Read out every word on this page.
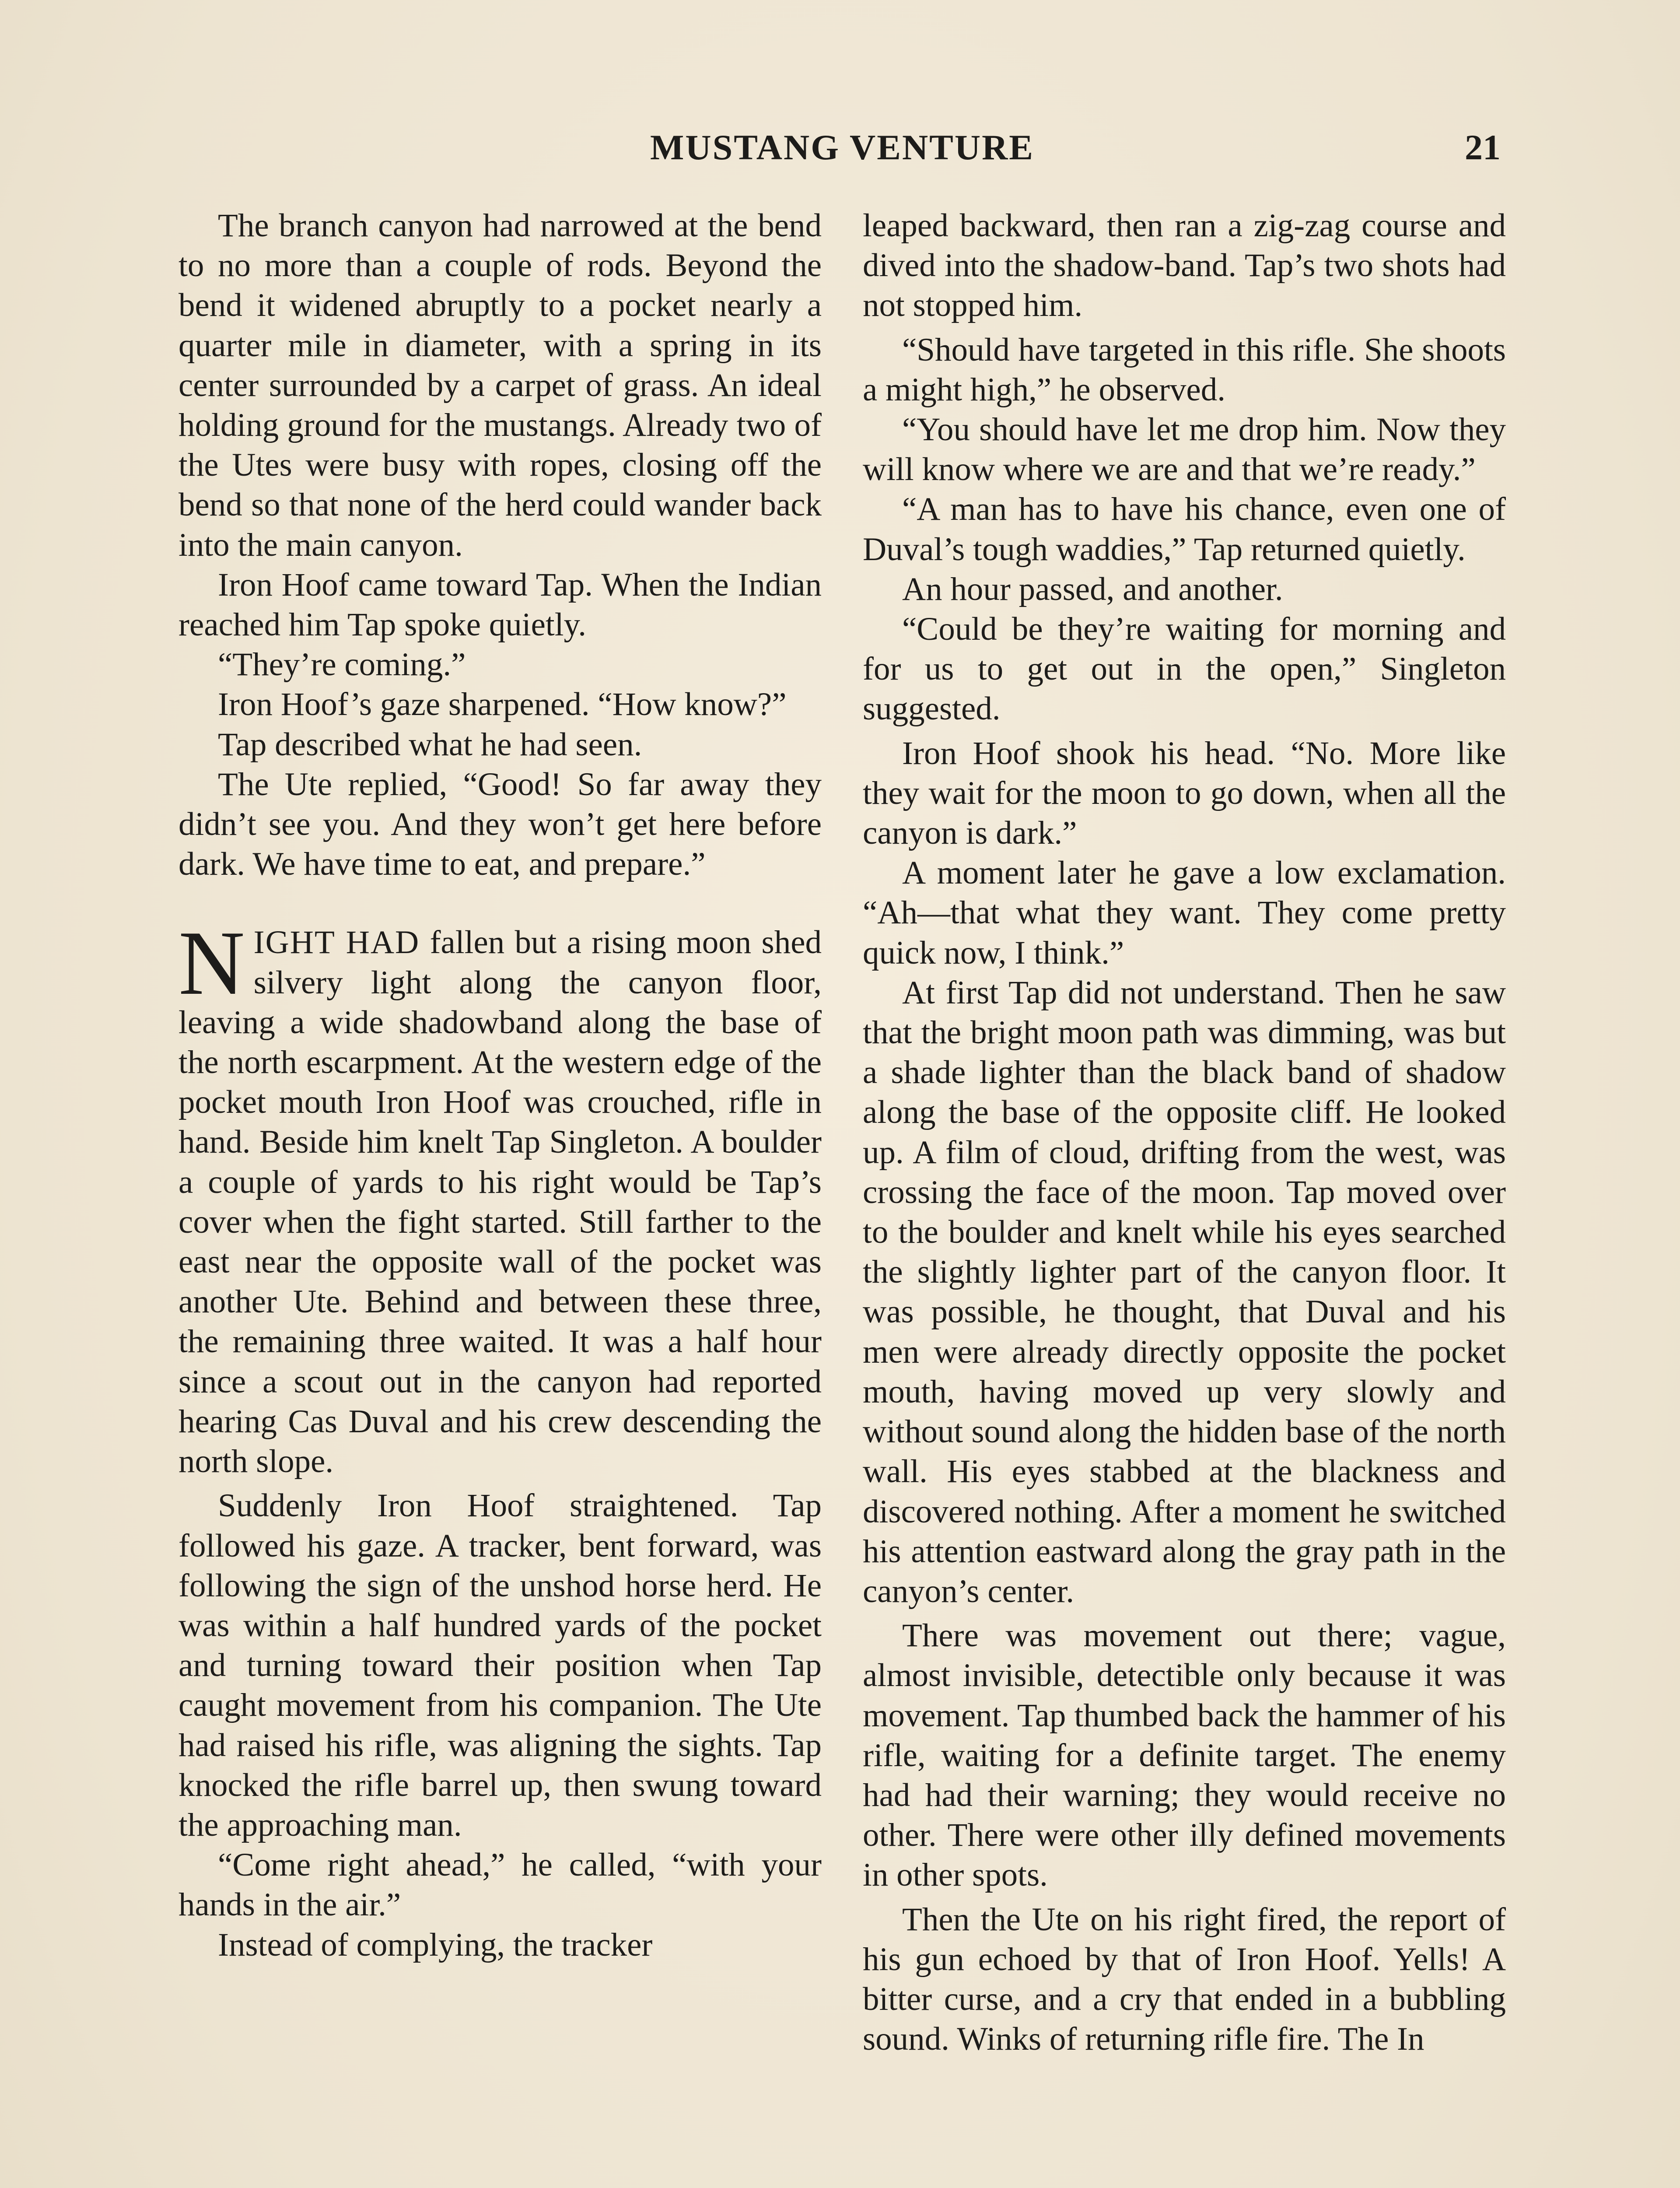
MUSTANG VENTURE	21

The branch canyon had narrowed at the bend to no more than a couple of rods. Beyond the bend it widened abruptly to a pocket nearly a quarter mile in diameter, with a spring in its center surrounded by a carpet of grass. An ideal holding ground for the mustangs. Already two of the Utes were busy with ropes, closing off the bend so that none of the herd could wander back into the main canyon.

Iron Hoof came toward Tap. When the Indian reached him Tap spoke quietly.

“They’re coming.”

Iron Hoof’s gaze sharpened. “How know?”

Tap described what he had seen.

The Ute replied, “Good! So far away they didn’t see you. And they won’t get here before dark. We have time to eat, and prepare.”

NIGHT HAD fallen but a rising moon shed silvery light along the canyon floor, leaving a wide shadowband along the base of the north escarpment. At the western edge of the pocket mouth Iron Hoof was crouched, rifle in hand. Beside him knelt Tap Singleton. A boulder a couple of yards to his right would be Tap’s cover when the fight started. Still farther to the east near the opposite wall of the pocket was another Ute. Behind and between these three, the remaining three waited. It was a half hour since a scout out in the canyon had reported hearing Cas Duval and his crew descending the north slope.

Suddenly Iron Hoof straightened. Tap followed his gaze. A tracker, bent forward, was following the sign of the unshod horse herd. He was within a half hundred yards of the pocket and turning toward their position when Tap caught movement from his companion. The Ute had raised his rifle, was aligning the sights. Tap knocked the rifle barrel up, then swung toward the approaching man.

“Come right ahead,” he called, “with your hands in the air.”

Instead of complying, the tracker

leaped backward, then ran a zig-zag course and dived into the shadow-band. Tap’s two shots had not stopped him.

“Should have targeted in this rifle. She shoots a might high,” he observed.

“You should have let me drop him. Now they will know where we are and that we’re ready.”

“A man has to have his chance, even one of Duval’s tough waddies,” Tap returned quietly.

An hour passed, and another.

“Could be they’re waiting for morning and for us to get out in the open,” Singleton suggested.

Iron Hoof shook his head. “No. More like they wait for the moon to go down, when all the canyon is dark.”

A moment later he gave a low exclamation. “Ah—that what they want. They come pretty quick now, I think.”

At first Tap did not understand. Then he saw that the bright moon path was dimming, was but a shade lighter than the black band of shadow along the base of the opposite cliff. He looked up. A film of cloud, drifting from the west, was crossing the face of the moon. Tap moved over to the boulder and knelt while his eyes searched the slightly lighter part of the canyon floor. It was possible, he thought, that Duval and his men were already directly opposite the pocket mouth, having moved up very slowly and without sound along the hidden base of the north wall. His eyes stabbed at the blackness and discovered nothing. After a moment he switched his attention eastward along the gray path in the canyon’s center.

There was movement out there; vague, almost invisible, detectible only because it was movement. Tap thumbed back the hammer of his rifle, waiting for a definite target. The enemy had had their warning; they would receive no other. There were other illy defined movements in other spots.

Then the Ute on his right fired, the report of his gun echoed by that of Iron Hoof. Yells! A bitter curse, and a cry that ended in a bubbling sound. Winks of returning rifle fire. The In
